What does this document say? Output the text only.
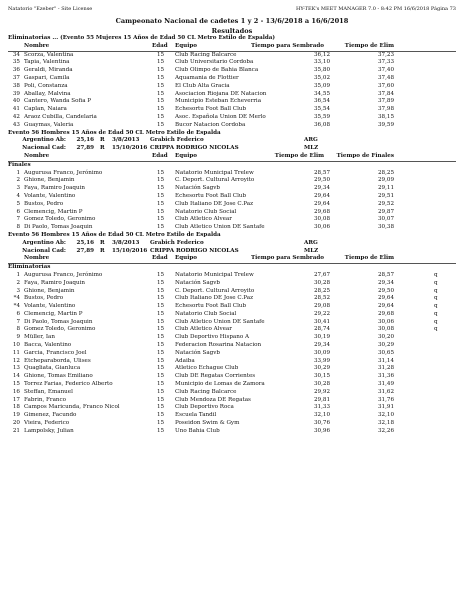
Natatorio "Ezeber" - Site License	HY-TEK's MEET MANAGER 7.0 - 8:42 PM 16/6/2018 Página 73
Campeonato Nacional de cadetes 1 y 2 - 13/6/2018 a 16/6/2018
Resultados
Eliminatorias ... (Evento 55 Mujeres 15 Años de Edad 50 CL Metro Estilo de Espalda)
Nombre	Edad Equipo	Tiempo para Sembrado	Tiempo de Elim
34 Scorza, Valentina	15 Club Racing Balcarce	36,12	37,23
35 Tapia, Valentina	15 Club Universitario Cordoba	33,10	37,33
36 Geraldi, Miranda	15 Club Olimpo de Bahia Blanca	35,80	37,40
37 Gaspari, Camila	15 Aquamania de Flottier	35,02	37,48
38 Poli, Constanza	15 El Club Alta Gracia	35,09	37,60
39 Aballay, Malvina	15 Asociacion Riojana DE Natacion	34,55	37,84
40 Cantero, Wanda Sofia P	15 Municipio Esteban Echeverria	36,54	37,89
41 Caplan, Naiara	15 Echesortu Foot Ball Club	35,54	37,98
42 Araoz Cubilla, Candelaria	15 Asoc. Española Union DE Merlo	35,59	38,15
43 Guaymas, Valeria	15 Bucor Natacion Cordoba	36,08	39,59
Evento 56 Hombres 15 Años de Edad 50 CL Metro Estilo de Espalda
Argentino Ab:	25,16 R 3/8/2013 Grabich Federico	ARG
Nacional Cad:	27,89 R 15/10/2016 CRIPPA RODRIGO NICOLAS	MLZ
Nombre	Edad Equipo	Tiempo de Elim	Tiempo de Finales
Finales
1 Augurusa Franco, Jerónimo	15 Natatorio Municipal Trelew	28,57	28,25
2 Ghione, Benjamin	15 C. Deport. Cultural Arroyito	29,50	29,09
3 Faya, Ramiro Joaquin	15 Natación Sagvb	29,34	29,11
4 Volante, Valentino	15 Echesortu Foot Ball Club	29,64	29,51
5 Bustos, Pedro	15 Club Italiano DE Jose C.Paz	29,64	29,52
6 Clemencig, Martin P	15 Natatorio Club Social	29,68	29,87
7 Gomez Toledo, Geronimo	15 Club Atletico Alvear	30,08	30,07
8 Di Paolo, Tomas Joaquin	15 Club Atletico Union DE Santafe	30,06	30,38
Evento 56 Hombres 15 Años de Edad 50 CL Metro Estilo de Espalda
Argentino Ab:	25,16 R 3/8/2013 Grabich Federico	ARG
Nacional Cad:	27,89 R 15/10/2016 CRIPPA RODRIGO NICOLAS	MLZ
Nombre	Edad Equipo	Tiempo para Sembrado	Tiempo de Elim
Eliminatorias
1 Augurusa Franco, Jerónimo	15 Natatorio Municipal Trelew	27,67	28,57	q
2 Faya, Ramiro Joaquin	15 Natación Sagvb	30,28	29,34	q
3 Ghione, Benjamin	15 C. Deport. Cultural Arroyito	28,25	29,50	q
*4 Bustos, Pedro	15 Club Italiano DE Jose C.Paz	28,52	29,64	q
*4 Volante, Valentino	15 Echesortu Foot Ball Club	29,08	29,64	q
6 Clemencig, Martin P	15 Natatorio Club Social	29,22	29,68	q
7 Di Paolo, Tomas Joaquin	15 Club Atletico Union DE Santafe	30,41	30,06	q
8 Gomez Toledo, Geronimo	15 Club Atletico Alvear	28,74	30,08	q
9 Müller, Ian	15 Club Deportivo Hispano A	30,19	30,20
10 Bacca, Valentino	15 Federacion Rosarina Natacion	29,34	30,29
11 Garcia, Francisco Joel	15 Natación Sagvb	30,09	30,65
12 Etcheparaborda, Ulises	15 Adaiba	33,99	31,14
13 Quagliata, Gianluca	15 Atletico Echague Club	30,29	31,28
14 Ghione, Tomas Emiliano	15 Club DE Regatas Corrientes	30,15	31,36
15 Torrez Farias, Federico Alberto	15 Municipio de Lomas de Zamora	30,28	31,49
16 Steffan, Emanuel	15 Club Racing Balcarce	29,92	31,62
17 Fabrin, Franco	15 Club Mendoza DE Regatas	29,81	31,76
18 Campos Maricunda, Franco Nicol	15 Club Deportivo Roca	31,33	31,91
19 Gimenez, Facundo	15 Escuela Tandil	32,10	32,10
20 Vieira, Federico	15 Poseidon Swim & Gym	30,76	32,18
21 Lampolsky, Julian	15 Uno Bahia Club	30,96	32,26
